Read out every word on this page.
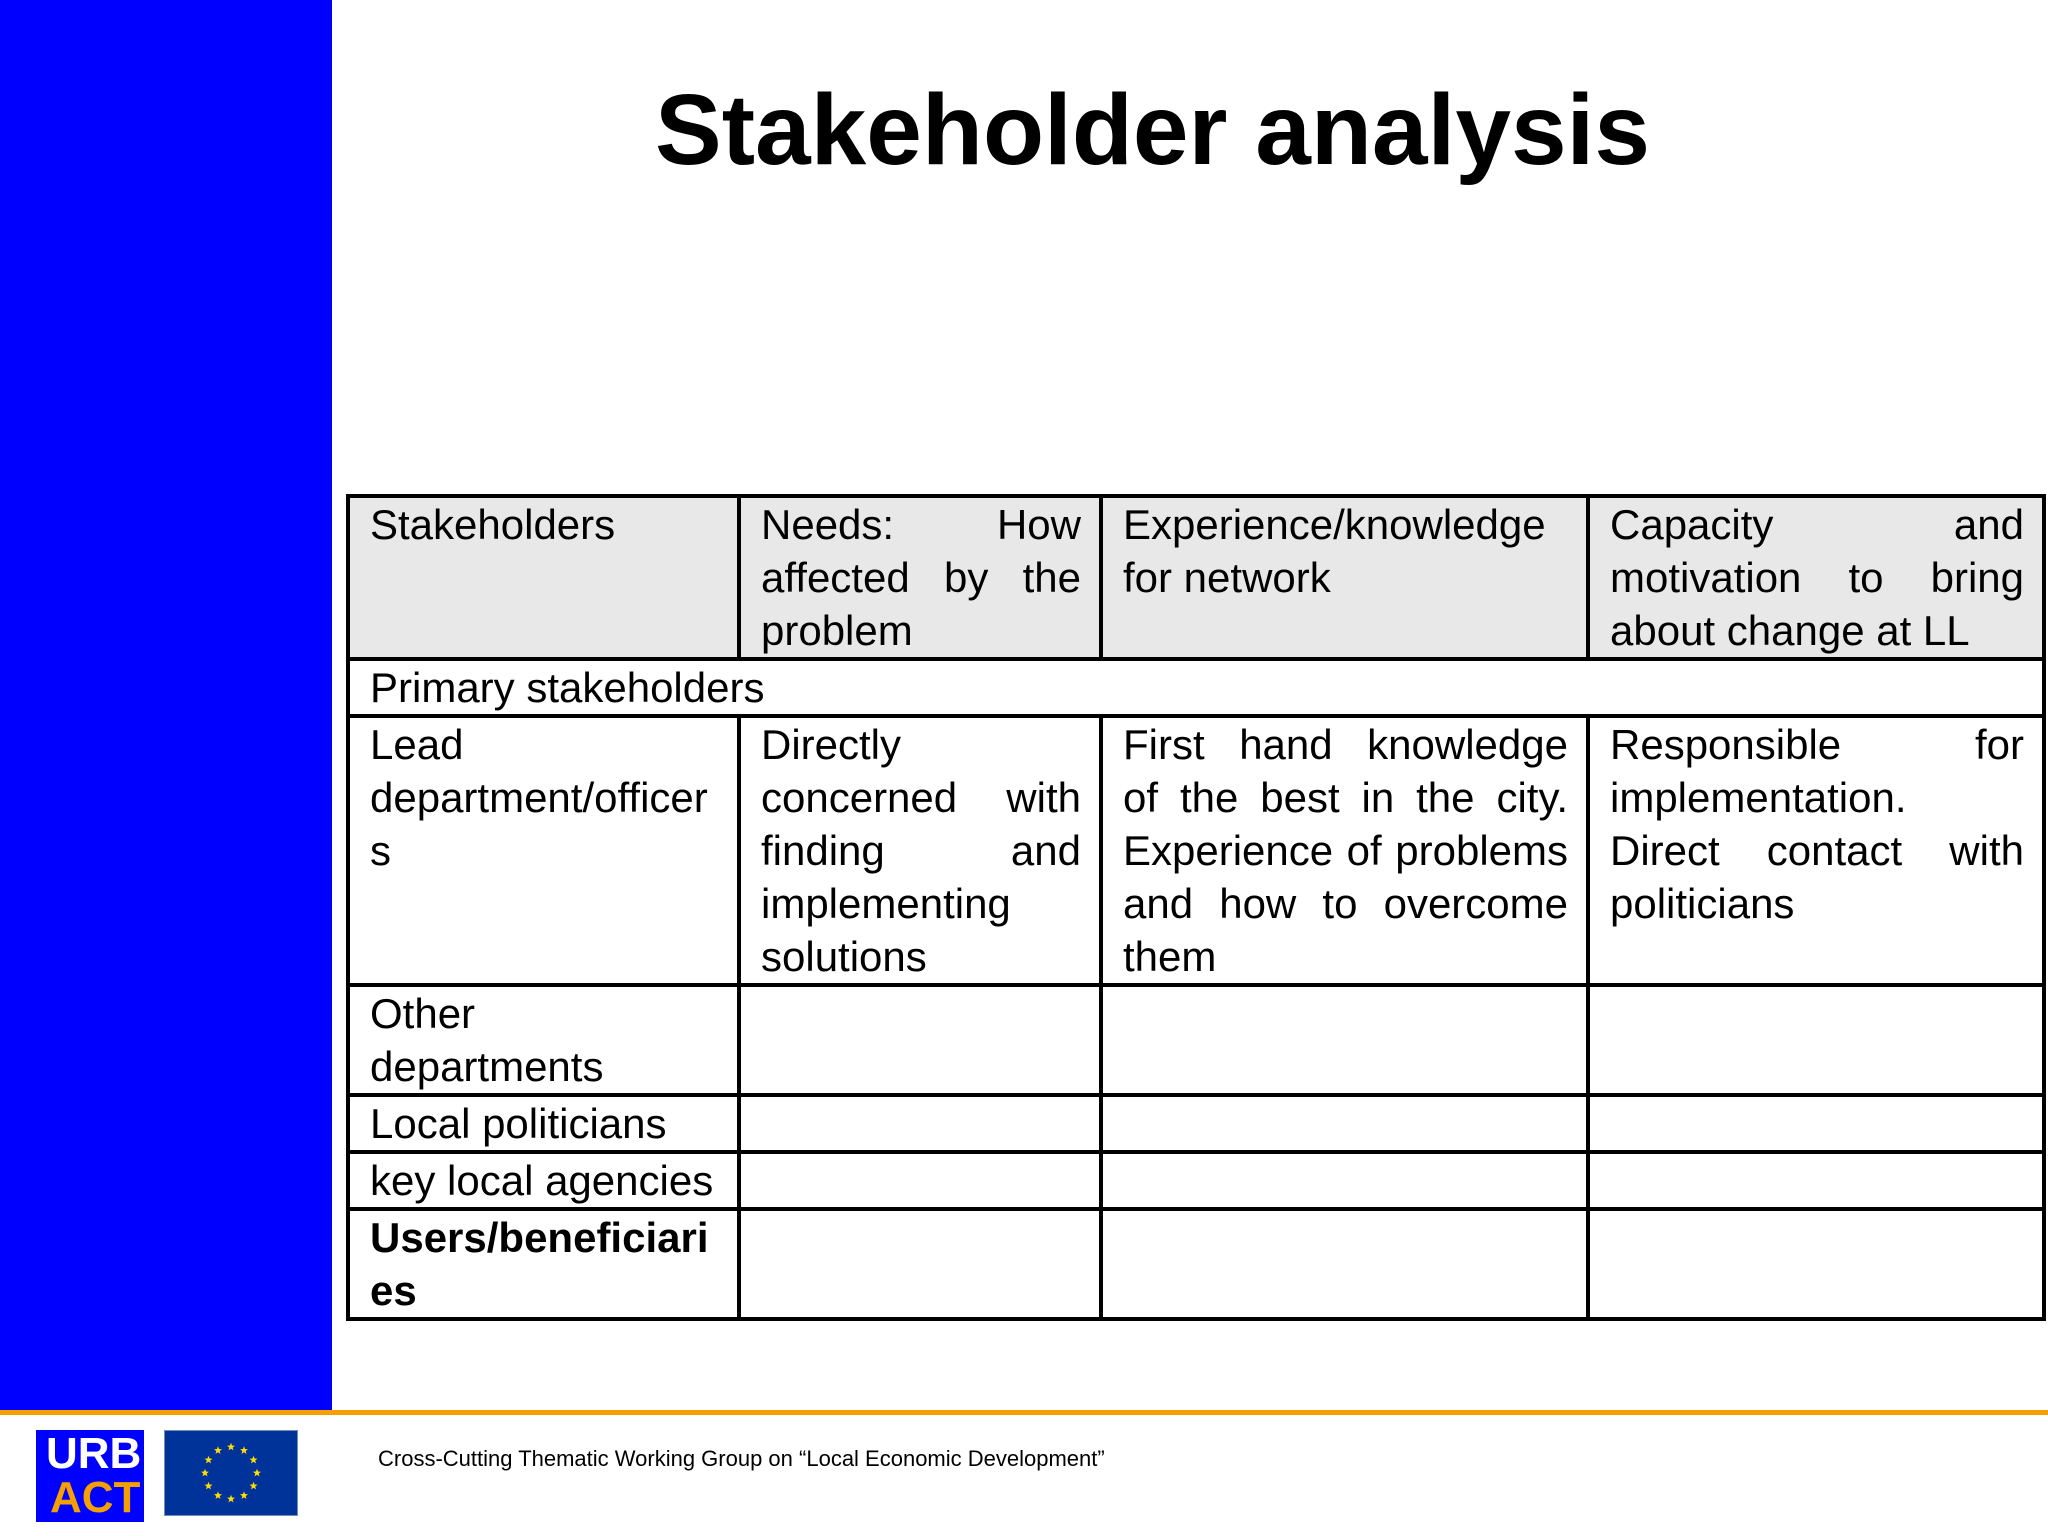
Stakeholder analysis
Stakeholders	Needs: How affected by the problem	Experience/knowledge for network	Capacity and motivation to bring about change at LL
Primary stakeholders			
Lead department/officers	Directly concerned with finding and implementing solutions	First hand knowledge of the best in the city. Experience of problems and how to overcome them	Responsible for implementation. Direct contact with politicians
Other departments			
Local politicians			
key local agencies			
Users/beneficiaries			
URB
ACT
Cross-Cutting Thematic Working Group on “Local Economic Development”
